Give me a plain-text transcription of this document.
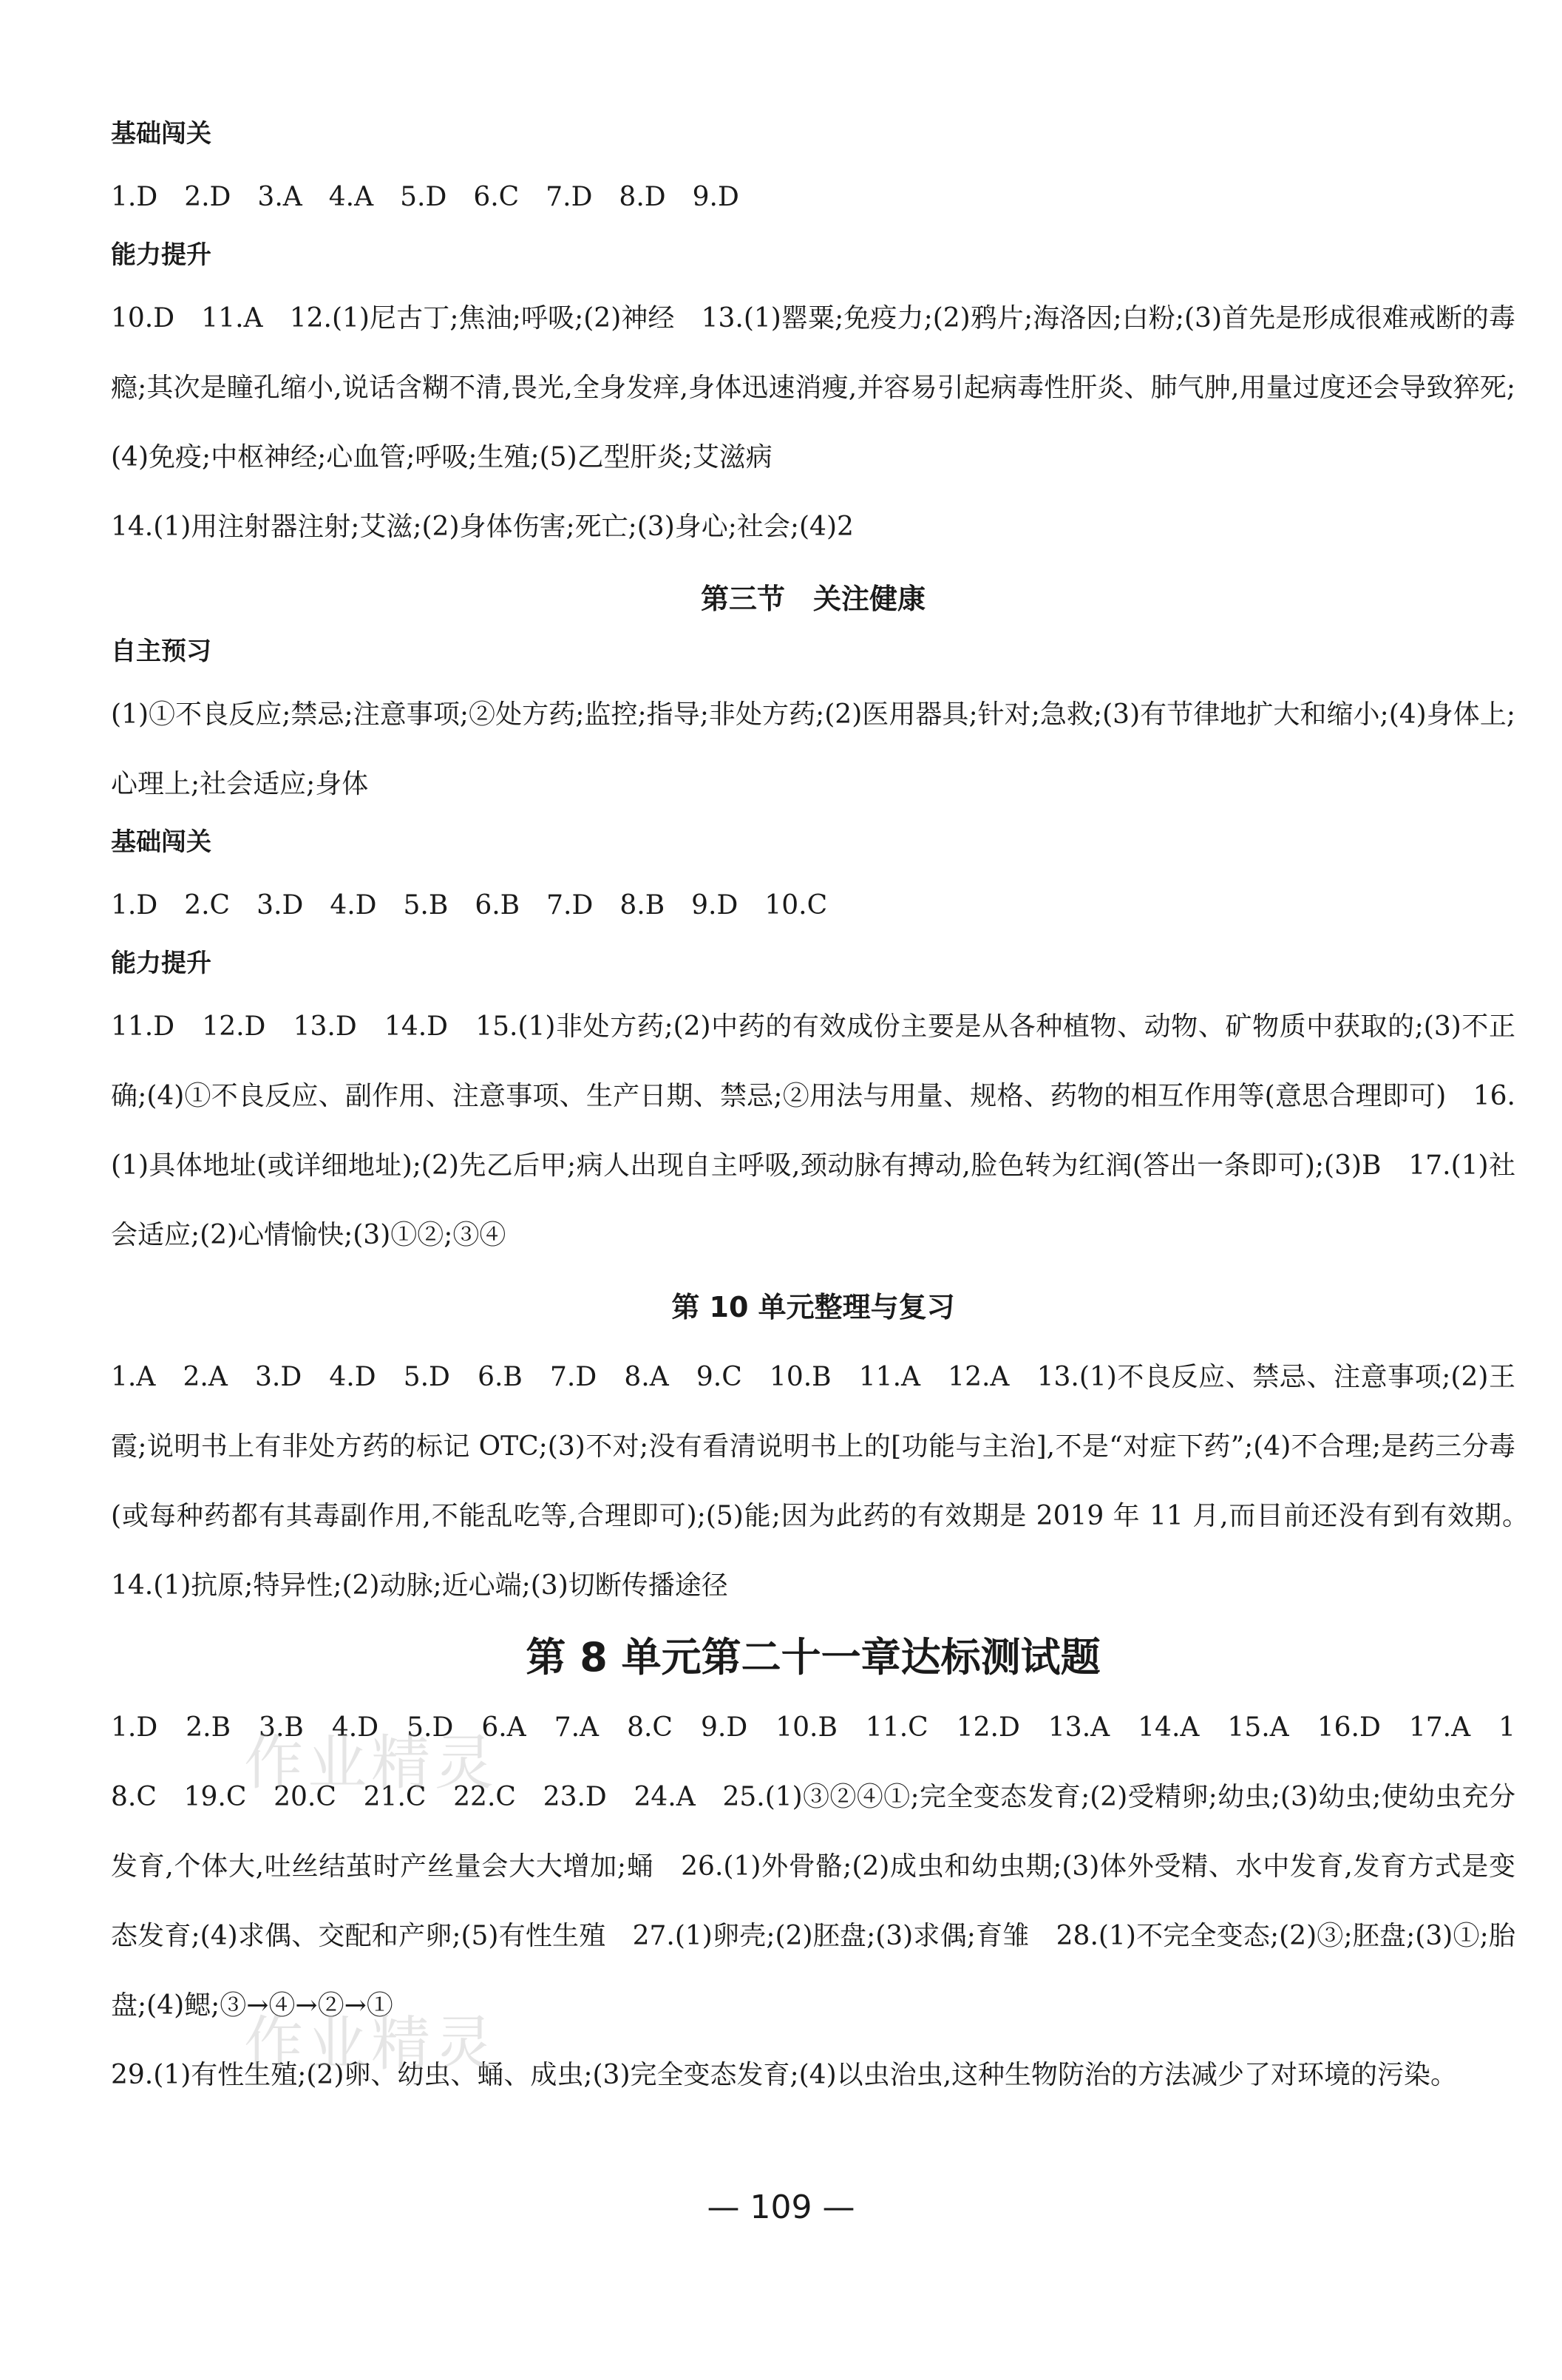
基础闯关

1.D　2.D　3.A　4.A　5.D　6.C　7.D　8.D　9.D

能力提升

10.D　11.A　12.(1)尼古丁;焦油;呼吸;(2)神经　13.(1)罂粟;免疫力;(2)鸦片;海洛因;白粉;(3)首先是形成很难戒断的毒瘾;其次是瞳孔缩小,说话含糊不清,畏光,全身发痒,身体迅速消瘦,并容易引起病毒性肝炎、肺气肿,用量过度还会导致猝死;(4)免疫;中枢神经;心血管;呼吸;生殖;(5)乙型肝炎;艾滋病

14.(1)用注射器注射;艾滋;(2)身体伤害;死亡;(3)身心;社会;(4)2

第三节　关注健康
自主预习

(1)①不良反应;禁忌;注意事项;②处方药;监控;指导;非处方药;(2)医用器具;针对;急救;(3)有节律地扩大和缩小;(4)身体上;心理上;社会适应;身体

基础闯关

1.D　2.C　3.D　4.D　5.B　6.B　7.D　8.B　9.D　10.C

能力提升

11.D　12.D　13.D　14.D　15.(1)非处方药;(2)中药的有效成份主要是从各种植物、动物、矿物质中获取的;(3)不正确;(4)①不良反应、副作用、注意事项、生产日期、禁忌;②用法与用量、规格、药物的相互作用等(意思合理即可)　16.(1)具体地址(或详细地址);(2)先乙后甲;病人出现自主呼吸,颈动脉有搏动,脸色转为红润(答出一条即可);(3)B　17.(1)社会适应;(2)心情愉快;(3)①②;③④

第 10 单元整理与复习

1.A　2.A　3.D　4.D　5.D　6.B　7.D　8.A　9.C　10.B　11.A　12.A　13.(1)不良反应、禁忌、注意事项;(2)王霞;说明书上有非处方药的标记 OTC;(3)不对;没有看清说明书上的[功能与主治],不是“对症下药”;(4)不合理;是药三分毒(或每种药都有其毒副作用,不能乱吃等,合理即可);(5)能;因为此药的有效期是 2019 年 11 月,而目前还没有到有效期。　14.(1)抗原;特异性;(2)动脉;近心端;(3)切断传播途径

第 8 单元第二十一章达标测试题

1.D　2.B　3.B　4.D　5.D　6.A　7.A　8.C　9.D　10.B　11.C　12.D　13.A　14.A　15.A　16.D　17.A　18.C　19.C　20.C　21.C　22.C　23.D　24.A　25.(1)③②④①;完全变态发育;(2)受精卵;幼虫;(3)幼虫;使幼虫充分发育,个体大,吐丝结茧时产丝量会大大增加;蛹　26.(1)外骨骼;(2)成虫和幼虫期;(3)体外受精、水中发育,发育方式是变态发育;(4)求偶、交配和产卵;(5)有性生殖　27.(1)卵壳;(2)胚盘;(3)求偶;育雏　28.(1)不完全变态;(2)③;胚盘;(3)①;胎盘;(4)鳃;③→④→②→①

29.(1)有性生殖;(2)卵、幼虫、蛹、成虫;(3)完全变态发育;(4)以虫治虫,这种生物防治的方法减少了对环境的污染。

作业精灵
作业精灵
— 109 —
